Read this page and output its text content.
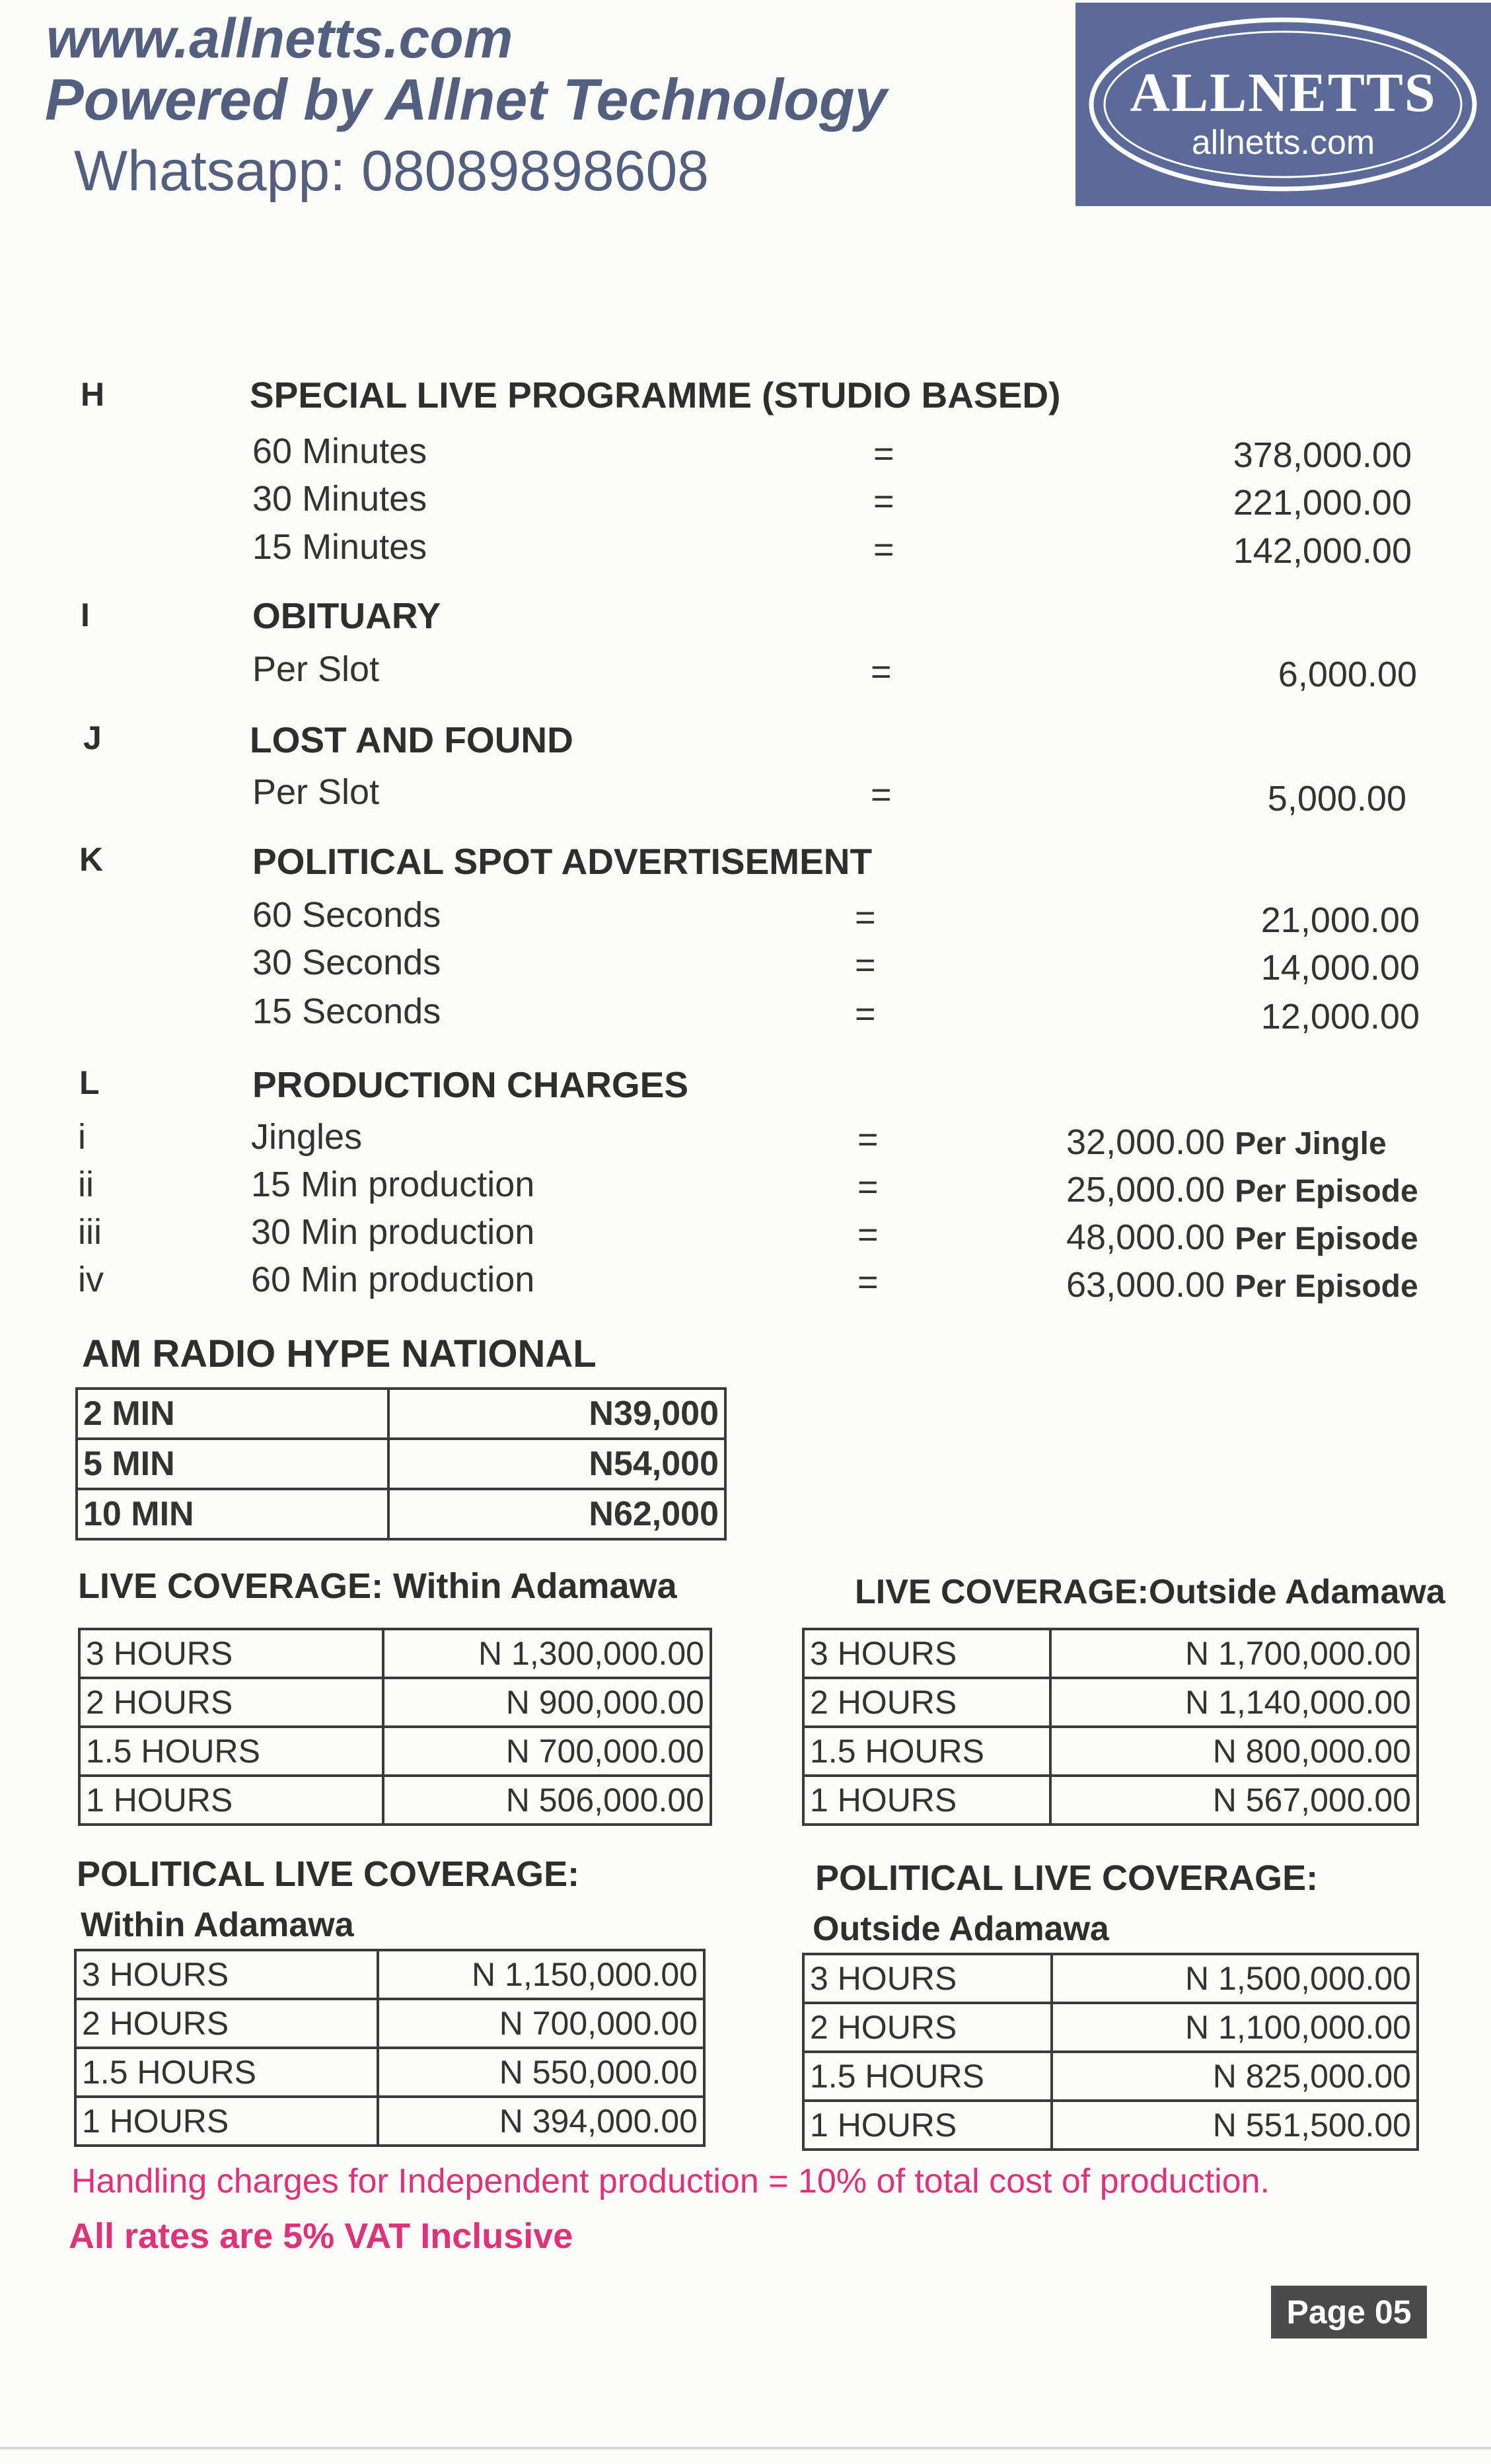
www.allnetts.com
Powered by Allnet Technology
Whatsapp: 08089898608
ALLNETTS
allnetts.com
H	SPECIAL LIVE PROGRAMME (STUDIO BASED)
60 Minutes	=	378,000.00
30 Minutes	=	221,000.00
15 Minutes	=	142,000.00
I	OBITUARY
Per Slot	=	6,000.00
J	LOST AND FOUND
Per Slot	=	5,000.00
K	POLITICAL SPOT ADVERTISEMENT
60 Seconds	=	21,000.00
30 Seconds	=	14,000.00
15 Seconds	=	12,000.00
L	PRODUCTION CHARGES
i	Jingles	=	32,000.00 Per Jingle
ii	15 Min production	=	25,000.00 Per Episode
iii	30 Min production	=	48,000.00 Per Episode
iv	60 Min production	=	63,000.00 Per Episode
AM RADIO HYPE NATIONAL
2 MIN	N39,000
5 MIN	N54,000
10 MIN	N62,000
LIVE COVERAGE: Within Adamawa
3 HOURS	N 1,300,000.00
2 HOURS	N 900,000.00
1.5 HOURS	N 700,000.00
1 HOURS	N 506,000.00
LIVE COVERAGE:Outside Adamawa
3 HOURS	N 1,700,000.00
2 HOURS	N 1,140,000.00
1.5 HOURS	N 800,000.00
1 HOURS	N 567,000.00
POLITICAL LIVE COVERAGE:
Within Adamawa
3 HOURS	N 1,150,000.00
2 HOURS	N 700,000.00
1.5 HOURS	N 550,000.00
1 HOURS	N 394,000.00
POLITICAL LIVE COVERAGE:
Outside Adamawa
3 HOURS	N 1,500,000.00
2 HOURS	N 1,100,000.00
1.5 HOURS	N 825,000.00
1 HOURS	N 551,500.00
Handling charges for Independent production = 10% of total cost of production.
All rates are 5% VAT Inclusive
Page 05
